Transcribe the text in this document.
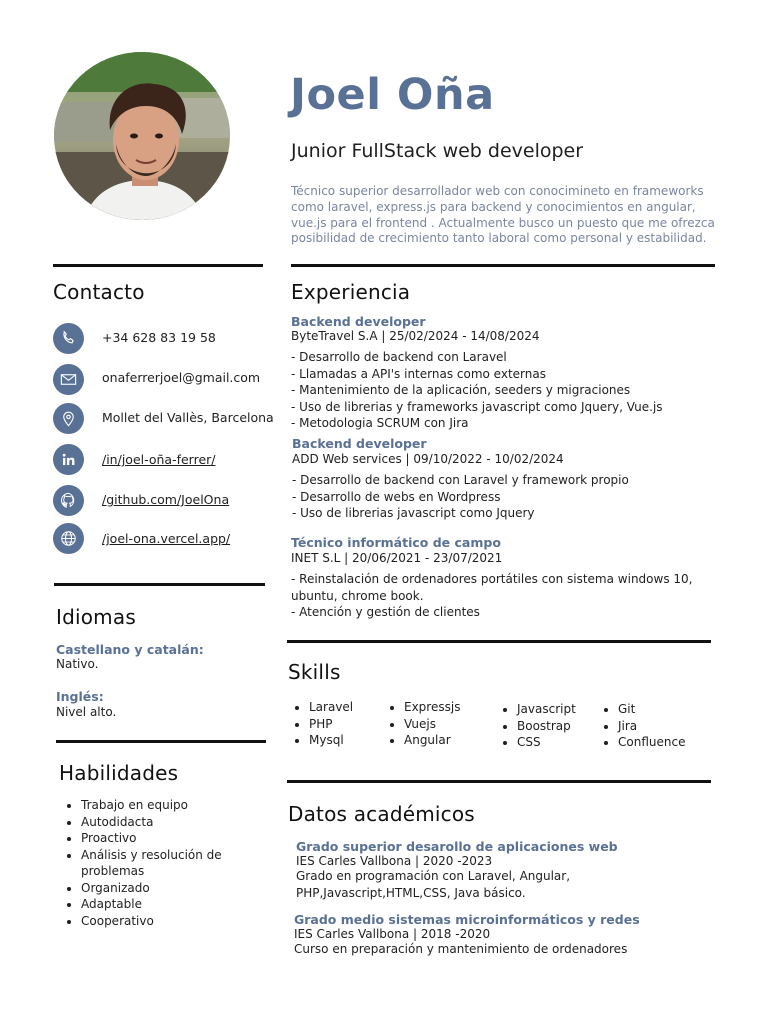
Joel Oña
Junior FullStack web developer
Técnico superior desarrollador web con conocimineto en frameworks como laravel, express.js para backend y conocimientos en angular, vue.js para el frontend . Actualmente busco un puesto que me ofrezca posibilidad de crecimiento tanto laboral como personal y estabilidad.
Contacto
+34 628 83 19 58
onaferrerjoel@gmail.com
Mollet del Vallès, Barcelona
/in/joel-oña-ferrer/
/github.com/JoelOna
/joel-ona.vercel.app/
Idiomas
Castellano y catalán:
Nativo.
Inglés:
Nivel alto.
Habilidades
• Trabajo en equipo
• Autodidacta
• Proactivo
• Análisis y resolución de problemas
• Organizado
• Adaptable
• Cooperativo
Experiencia
Backend developer
ByteTravel S.A | 25/02/2024 - 14/08/2024
- Desarrollo de backend con Laravel
- Llamadas a API's internas como externas
- Mantenimiento de la aplicación, seeders y migraciones
- Uso de librerias y frameworks javascript como Jquery, Vue.js
- Metodologia SCRUM con Jira
Backend developer
ADD Web services | 09/10/2022 - 10/02/2024
- Desarrollo de backend con Laravel y framework propio
- Desarrollo de webs en Wordpress
- Uso de librerias javascript como Jquery
Técnico informático de campo
INET S.L | 20/06/2021 - 23/07/2021
- Reinstalación de ordenadores portátiles con sistema windows 10, ubuntu, chrome book.
- Atención y gestión de clientes
Skills
• Laravel
• PHP
• Mysql
• Expressjs
• Vuejs
• Angular
• Javascript
• Boostrap
• CSS
• Git
• Jira
• Confluence
Datos académicos
Grado superior desarollo de aplicaciones web
IES Carles Vallbona | 2020 -2023
Grado en programación con Laravel, Angular, PHP,Javascript,HTML,CSS, Java básico.
Grado medio sistemas microinformáticos y redes
IES Carles Vallbona | 2018 -2020
Curso en preparación y mantenimiento de ordenadores
